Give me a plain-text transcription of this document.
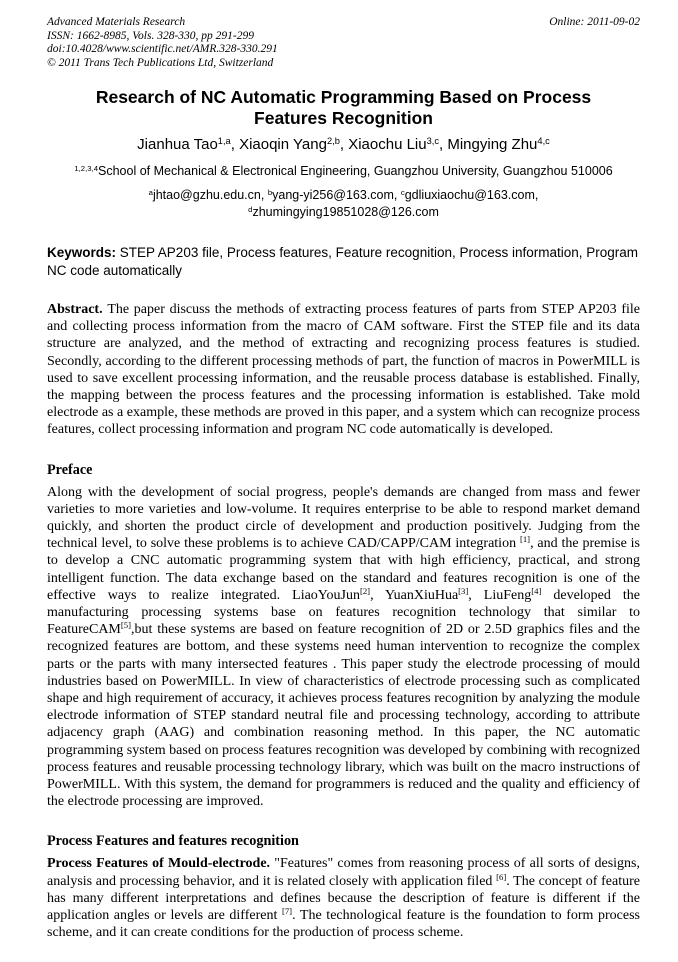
Advanced Materials Research
ISSN: 1662-8985, Vols. 328-330, pp 291-299
doi:10.4028/www.scientific.net/AMR.328-330.291
© 2011 Trans Tech Publications Ltd, Switzerland
Online: 2011-09-02
Research of NC Automatic Programming Based on Process Features Recognition

Jianhua Tao$^{1,a}$, Xiaoqin Yang$^{2,b}$, Xiaochu Liu$^{3,c}$, Mingying Zhu$^{4,c}$

$^{1,2,3,4}$School of Mechanical & Electronical Engineering, Guangzhou University, Guangzhou 510006

$^a$jhtao@gzhu.edu.cn, $^b$yang-yi256@163.com, $^c$gdliuxiaochu@163.com,
$^d$zhumingying19851028@126.com

Keywords: STEP AP203 file, Process features, Feature recognition, Process information, Program NC code automatically

Abstract. The paper discuss the methods of extracting process features of parts from STEP AP203 file and collecting process information from the macro of CAM software. First the STEP file and its data structure are analyzed, and the method of extracting and recognizing process features is studied. Secondly, according to the different processing methods of part, the function of macros in PowerMILL is used to save excellent processing information, and the reusable process database is established. Finally, the mapping between the process features and the processing information is established. Take mold electrode as a example, these methods are proved in this paper, and a system which can recognize process features, collect processing information and program NC code automatically is developed.

Preface

Along with the development of social progress, people's demands are changed from mass and fewer varieties to more varieties and low-volume. It requires enterprise to be able to respond market demand quickly, and shorten the product circle of development and production positively. Judging from the technical level, to solve these problems is to achieve CAD/CAPP/CAM integration [1], and the premise is to develop a CNC automatic programming system that with high efficiency, practical, and strong intelligent function. The data exchange based on the standard and features recognition is one of the effective ways to realize integrated. LiaoYouJun[2], YuanXiuHua[3], LiuFeng[4] developed the manufacturing processing systems base on features recognition technology that similar to FeatureCAM[5],but these systems are based on feature recognition of 2D or 2.5D graphics files and the recognized features are bottom, and these systems need human intervention to recognize the complex parts or the parts with many intersected features . This paper study the electrode processing of mould industries based on PowerMILL. In view of characteristics of electrode processing such as complicated shape and high requirement of accuracy, it achieves process features recognition by analyzing the module electrode information of STEP standard neutral file and processing technology, according to attribute adjacency graph (AAG) and combination reasoning method. In this paper, the NC automatic programming system based on process features recognition was developed by combining with recognized process features and reusable processing technology library, which was built on the macro instructions of PowerMILL. With this system, the demand for programmers is reduced and the quality and efficiency of the electrode processing are improved.

Process Features and features recognition

Process Features of Mould-electrode. "Features" comes from reasoning process of all sorts of designs, analysis and processing behavior, and it is related closely with application filed [6]. The concept of feature has many different interpretations and defines because the description of feature is different if the application angles or levels are different [7]. The technological feature is the foundation to form process scheme, and it can create conditions for the production of process scheme.
